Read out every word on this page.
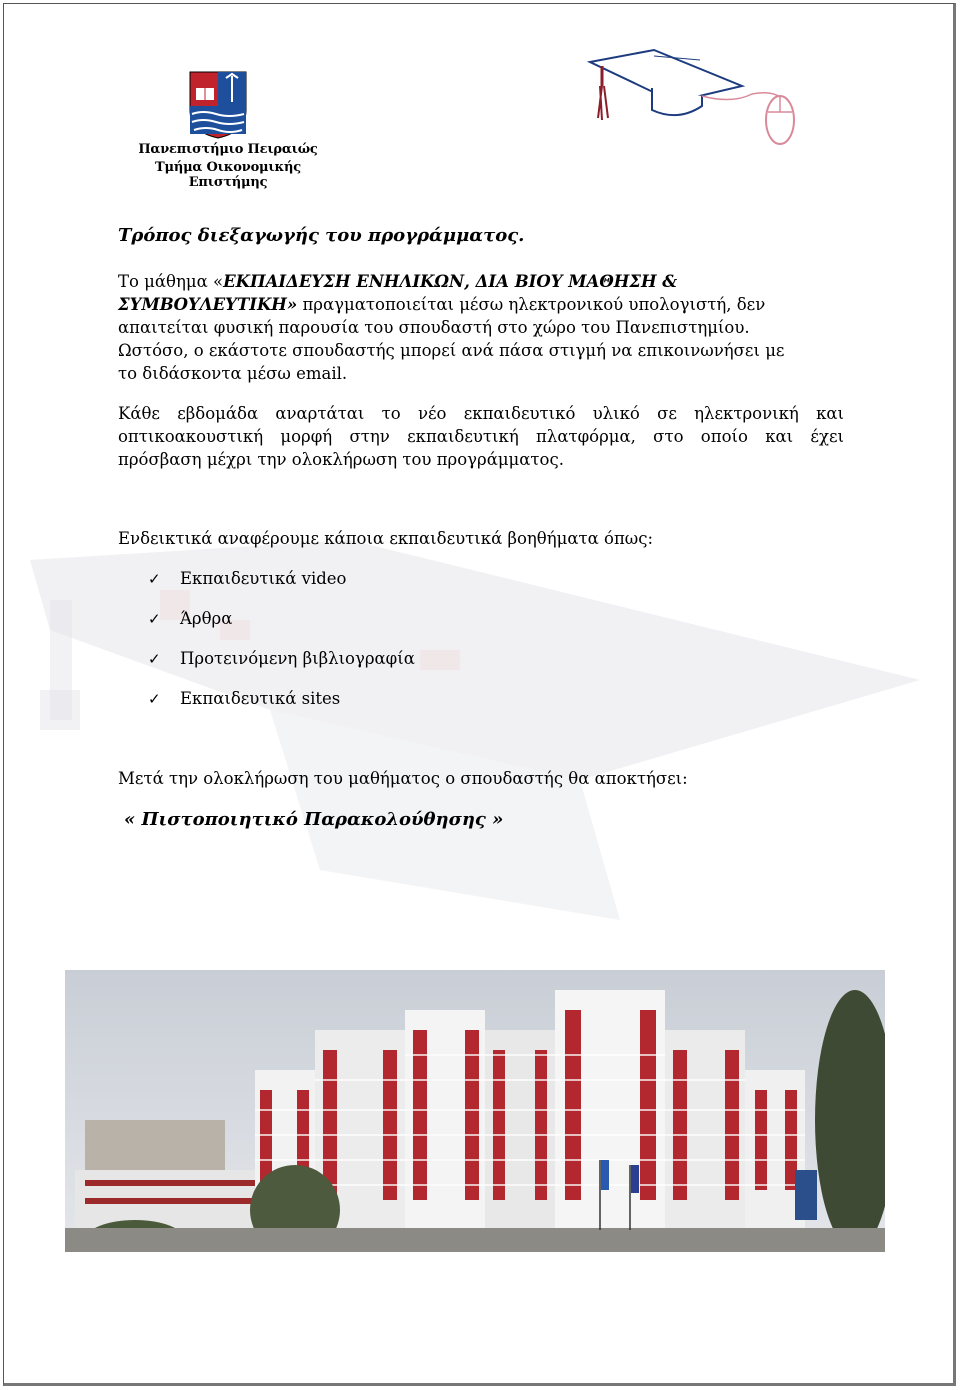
Πανεπιστήμιο Πειραιώς
Τμήμα Οικονομικής Επιστήμης
Τρόπος διεξαγωγής του προγράμματος.
Το μάθημα «ΕΚΠΑΙΔΕΥΣΗ ΕΝΗΛΙΚΩΝ, ΔΙΑ ΒΙΟΥ ΜΑΘΗΣΗ &
ΣΥΜΒΟΥΛΕΥΤΙΚΗ» πραγματοποιείται μέσω ηλεκτρονικού υπολογιστή, δεν
απαιτείται φυσική παρουσία του σπουδαστή στο χώρο του Πανεπιστημίου.
Ωστόσο, ο εκάστοτε σπουδαστής μπορεί ανά πάσα στιγμή να επικοινωνήσει με
το διδάσκοντα μέσω email.
Κάθε εβδομάδα αναρτάται το νέο εκπαιδευτικό υλικό σε ηλεκτρονική και
οπτικοακουστική μορφή στην εκπαιδευτική πλατφόρμα, στο οποίο και έχει
πρόσβαση μέχρι την ολοκλήρωση του προγράμματος.
Ενδεικτικά αναφέρουμε κάποια εκπαιδευτικά βοηθήματα όπως:
✓ Εκπαιδευτικά video
✓ Άρθρα
✓ Προτεινόμενη βιβλιογραφία
✓ Εκπαιδευτικά sites
Μετά την ολοκλήρωση του μαθήματος ο σπουδαστής θα αποκτήσει:
« Πιστοποιητικό Παρακολούθησης »
